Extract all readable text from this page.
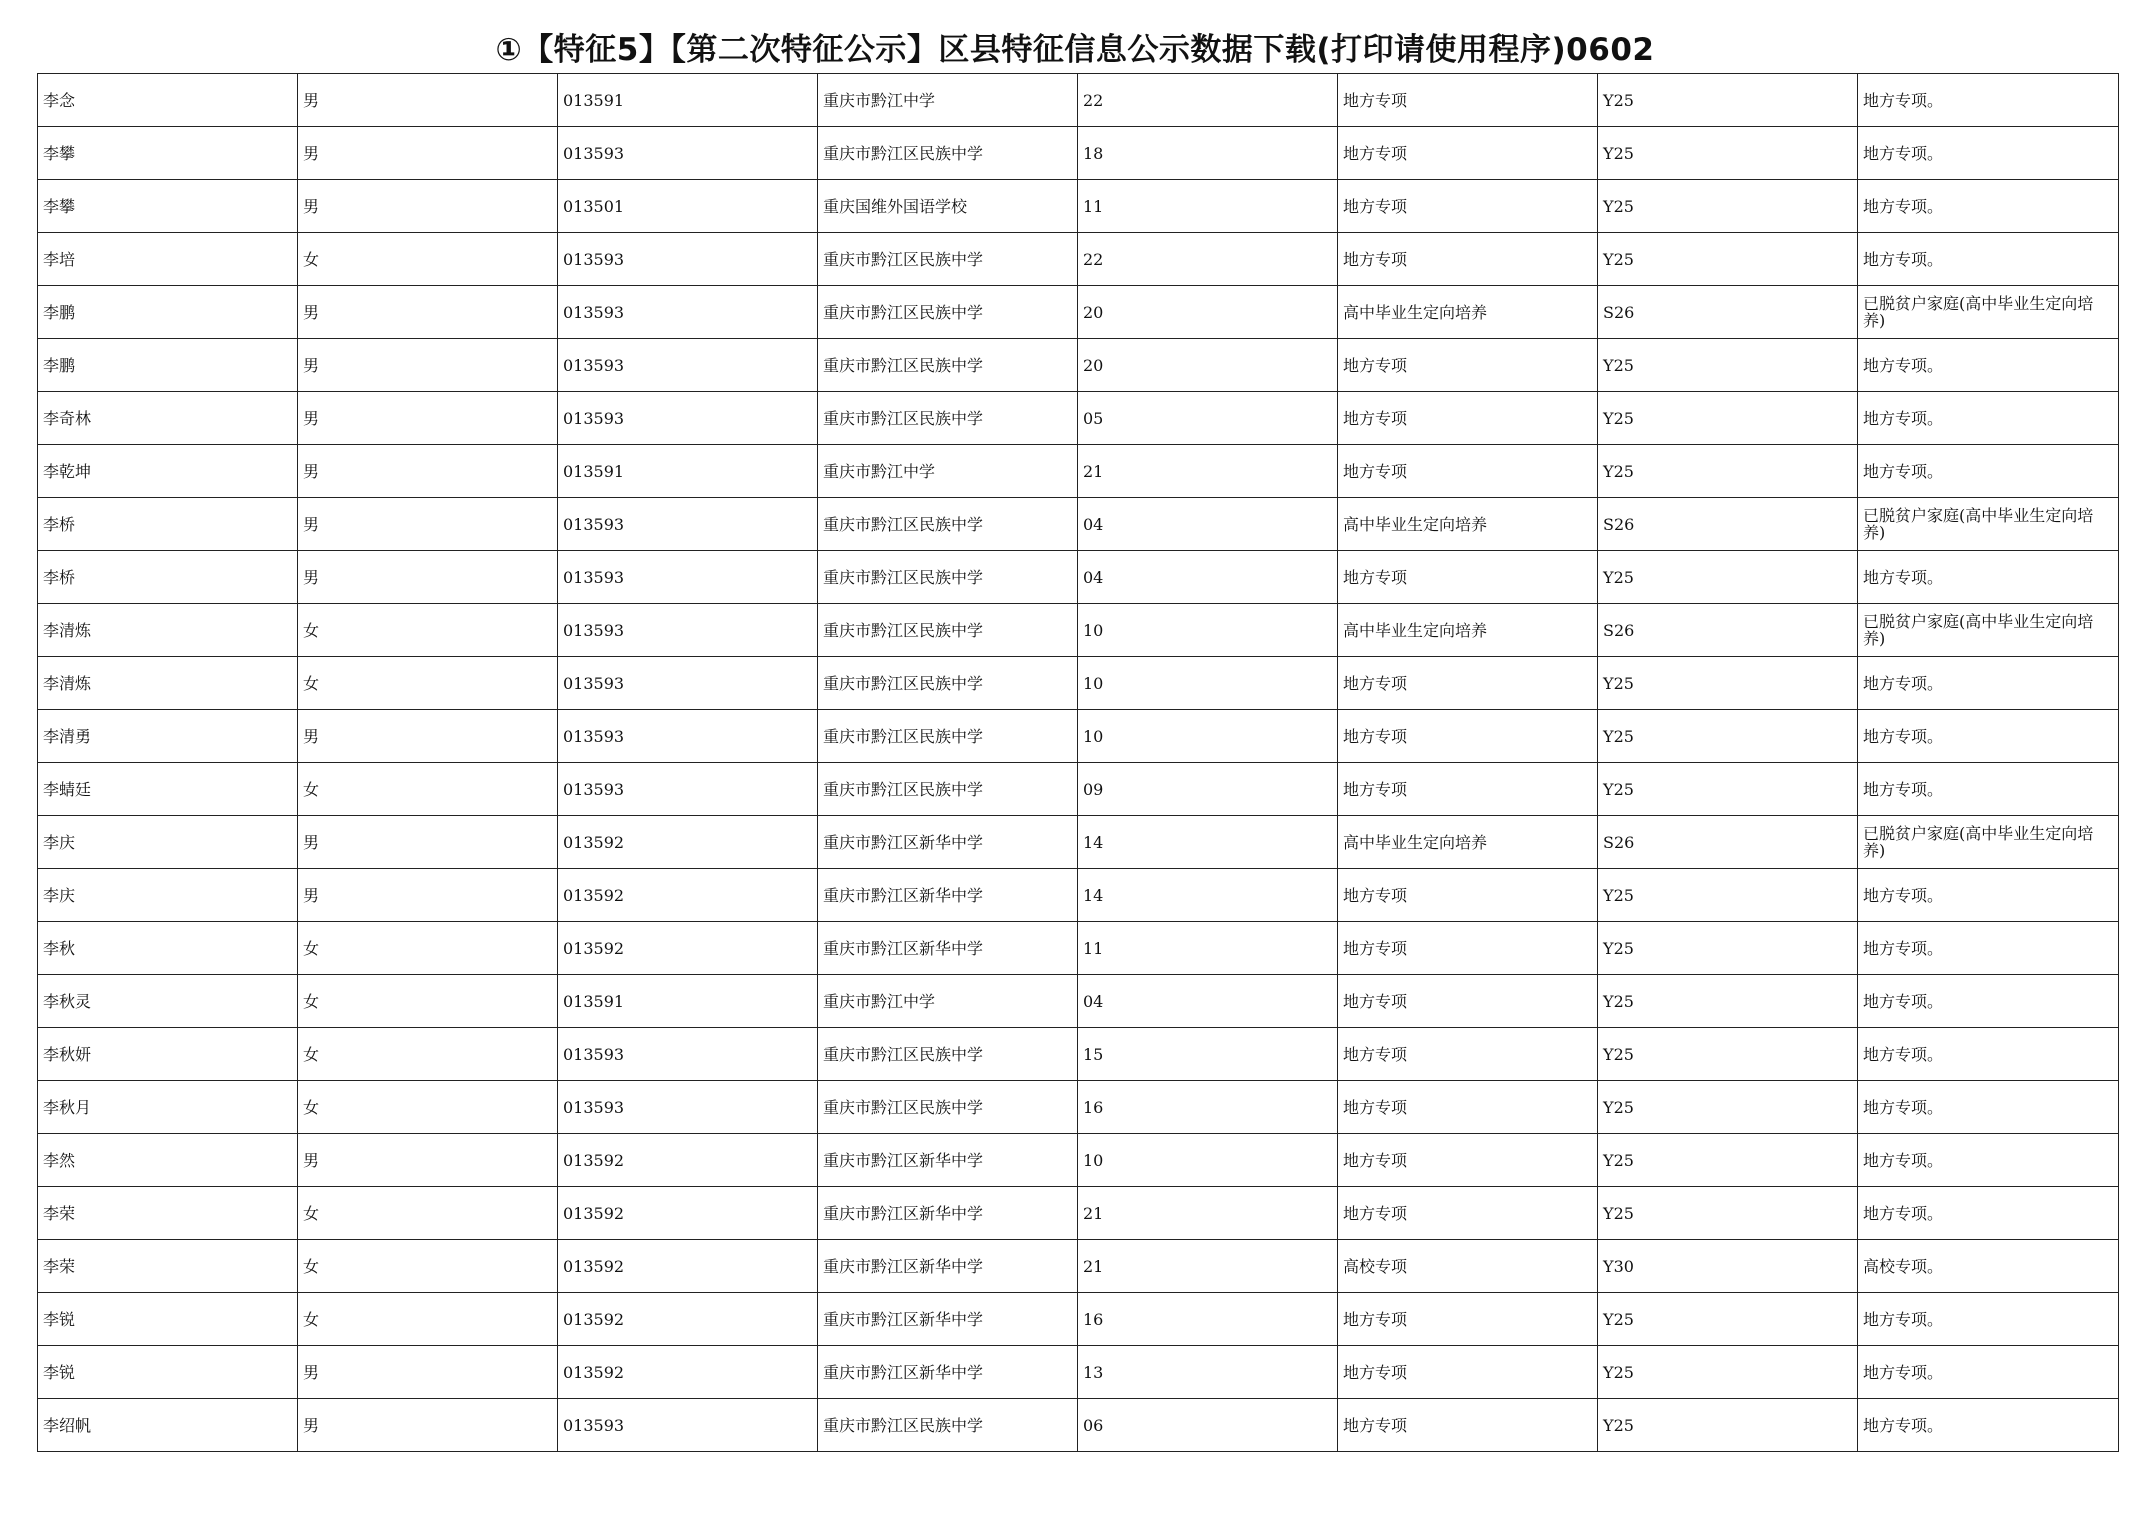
①【特征5】【第二次特征公示】区县特征信息公示数据下载(打印请使用程序)0602
李念	男	013591	重庆市黔江中学	22	地方专项	Y25	地方专项。
李攀	男	013593	重庆市黔江区民族中学	18	地方专项	Y25	地方专项。
李攀	男	013501	重庆国维外国语学校	11	地方专项	Y25	地方专项。
李培	女	013593	重庆市黔江区民族中学	22	地方专项	Y25	地方专项。
李鹏	男	013593	重庆市黔江区民族中学	20	高中毕业生定向培养	S26	已脱贫户家庭(高中毕业生定向培养)
李鹏	男	013593	重庆市黔江区民族中学	20	地方专项	Y25	地方专项。
李奇林	男	013593	重庆市黔江区民族中学	05	地方专项	Y25	地方专项。
李乾坤	男	013591	重庆市黔江中学	21	地方专项	Y25	地方专项。
李桥	男	013593	重庆市黔江区民族中学	04	高中毕业生定向培养	S26	已脱贫户家庭(高中毕业生定向培养)
李桥	男	013593	重庆市黔江区民族中学	04	地方专项	Y25	地方专项。
李清炼	女	013593	重庆市黔江区民族中学	10	高中毕业生定向培养	S26	已脱贫户家庭(高中毕业生定向培养)
李清炼	女	013593	重庆市黔江区民族中学	10	地方专项	Y25	地方专项。
李清勇	男	013593	重庆市黔江区民族中学	10	地方专项	Y25	地方专项。
李蜻廷	女	013593	重庆市黔江区民族中学	09	地方专项	Y25	地方专项。
李庆	男	013592	重庆市黔江区新华中学	14	高中毕业生定向培养	S26	已脱贫户家庭(高中毕业生定向培养)
李庆	男	013592	重庆市黔江区新华中学	14	地方专项	Y25	地方专项。
李秋	女	013592	重庆市黔江区新华中学	11	地方专项	Y25	地方专项。
李秋灵	女	013591	重庆市黔江中学	04	地方专项	Y25	地方专项。
李秋妍	女	013593	重庆市黔江区民族中学	15	地方专项	Y25	地方专项。
李秋月	女	013593	重庆市黔江区民族中学	16	地方专项	Y25	地方专项。
李然	男	013592	重庆市黔江区新华中学	10	地方专项	Y25	地方专项。
李荣	女	013592	重庆市黔江区新华中学	21	地方专项	Y25	地方专项。
李荣	女	013592	重庆市黔江区新华中学	21	高校专项	Y30	高校专项。
李锐	女	013592	重庆市黔江区新华中学	16	地方专项	Y25	地方专项。
李锐	男	013592	重庆市黔江区新华中学	13	地方专项	Y25	地方专项。
李绍帆	男	013593	重庆市黔江区民族中学	06	地方专项	Y25	地方专项。
